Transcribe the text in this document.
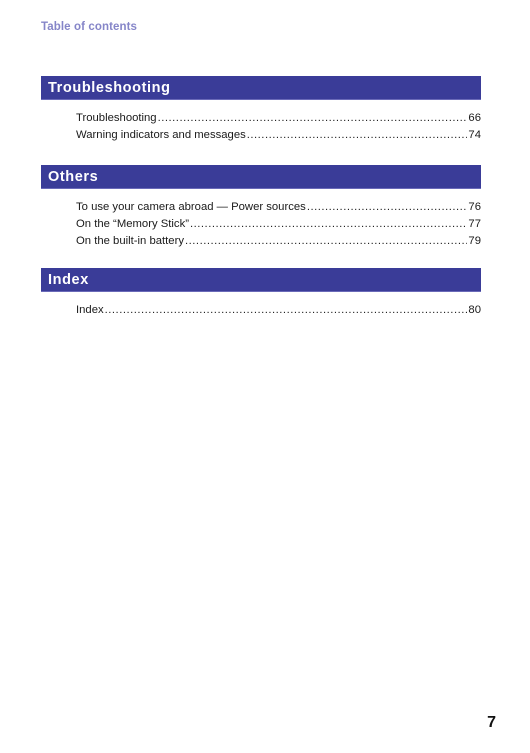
Table of contents
Troubleshooting
Troubleshooting .....	66
Warning indicators and messages .....	74
Others
To use your camera abroad — Power sources .....	76
On the “Memory Stick” .....	77
On the built-in battery .....	79
Index
Index .....	80
7
